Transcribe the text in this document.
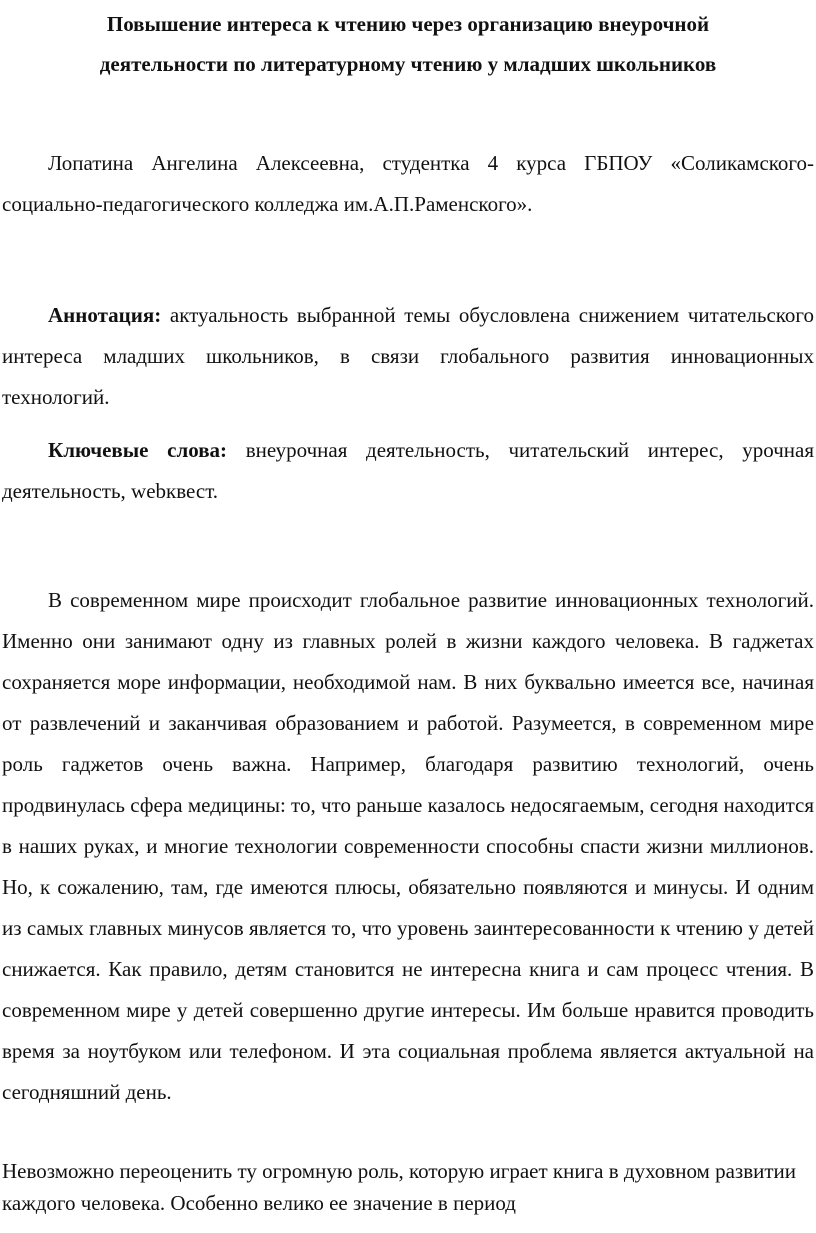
Повышение интереса к чтению через организацию внеурочной
деятельности по литературному чтению у младших школьников

Лопатина Ангелина Алексеевна, студентка 4 курса ГБПОУ «Соликамского-социально-педагогического колледжа им.А.П.Раменского».

Аннотация: актуальность выбранной темы обусловлена снижением читательского интереса младших школьников, в связи глобального развития инновационных технологий.

Ключевые слова: внеурочная деятельность, читательский интерес, урочная деятельность, webквест.

В современном мире происходит глобальное развитие инновационных технологий. Именно они занимают одну из главных ролей в жизни каждого человека. В гаджетах сохраняется море информации, необходимой нам. В них буквально имеется все, начиная от развлечений и заканчивая образованием и работой. Разумеется, в современном мире роль гаджетов очень важна. Например, благодаря развитию технологий, очень продвинулась сфера медицины: то, что раньше казалось недосягаемым, сегодня находится в наших руках, и многие технологии современности способны спасти жизни миллионов. Но, к сожалению, там, где имеются плюсы, обязательно появляются и минусы. И одним из самых главных минусов является то, что уровень заинтересованности к чтению у детей снижается. Как правило, детям становится не интересна книга и сам процесс чтения. В современном мире у детей совершенно другие интересы. Им больше нравится проводить время за ноутбуком или телефоном. И эта социальная проблема является актуальной на сегодняшний день.

Невозможно переоценить ту огромную роль, которую играет книга в духовном развитии каждого человека. Особенно велико ее значение в период
